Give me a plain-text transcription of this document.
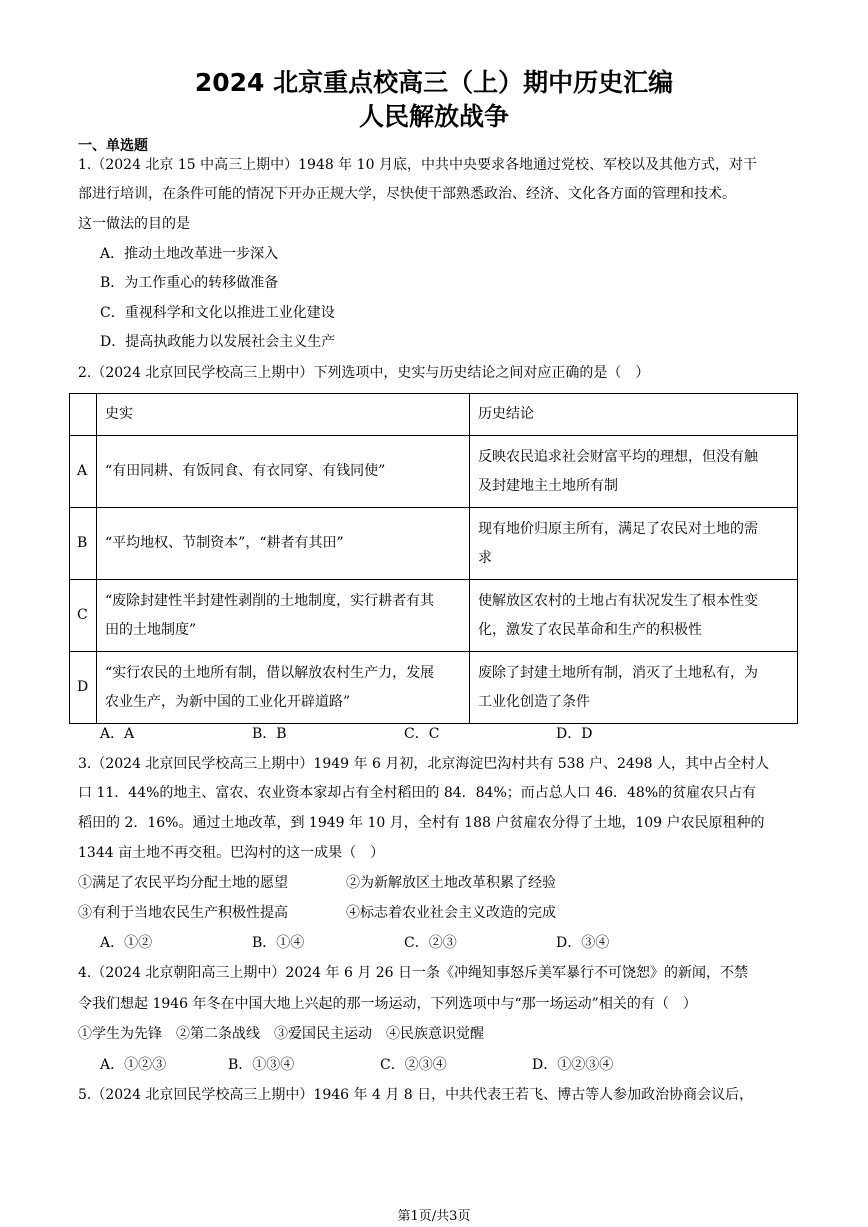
2024 北京重点校高三（上）期中历史汇编
人民解放战争
一、单选题
1.（2024 北京 15 中高三上期中）1948 年 10 月底，中共中央要求各地通过党校、军校以及其他方式，对干
部进行培训，在条件可能的情况下开办正规大学，尽快使干部熟悉政治、经济、文化各方面的管理和技术。
这一做法的目的是
A．推动土地改革进一步深入
B．为工作重心的转移做准备
C．重视科学和文化以推进工业化建设
D．提高执政能力以发展社会主义生产
2.（2024 北京回民学校高三上期中）下列选项中，史实与历史结论之间对应正确的是（　）
	史实	历史结论
A	“有田同耕、有饭同食、有衣同穿、有钱同使”	反映农民追求社会财富平均的理想，但没有触
及封建地主土地所有制
B	“平均地权、节制资本”，“耕者有其田”	现有地价归原主所有，满足了农民对土地的需
求
C	“废除封建性半封建性剥削的土地制度，实行耕者有其
田的土地制度”	使解放区农村的土地占有状况发生了根本性变
化，激发了农民革命和生产的积极性
D	“实行农民的土地所有制，借以解放农村生产力，发展
农业生产，为新中国的工业化开辟道路”	废除了封建土地所有制，消灭了土地私有，为
工业化创造了条件
A．A	B．B	C．C	D．D
3.（2024 北京回民学校高三上期中）1949 年 6 月初，北京海淀巴沟村共有 538 户、2498 人，其中占全村人
口 11．44%的地主、富农、农业资本家却占有全村稻田的 84．84%；而占总人口 46．48%的贫雇农只占有
稻田的 2．16%。通过土地改革，到 1949 年 10 月，全村有 188 户贫雇农分得了土地，109 户农民原租种的
1344 亩土地不再交租。巴沟村的这一成果（　）
①满足了农民平均分配土地的愿望	②为新解放区土地改革积累了经验
③有利于当地农民生产积极性提高	④标志着农业社会主义改造的完成
A．①②	B．①④	C．②③	D．③④
4.（2024 北京朝阳高三上期中）2024 年 6 月 26 日一条《冲绳知事怒斥美军暴行不可饶恕》的新闻，不禁
令我们想起 1946 年冬在中国大地上兴起的那一场运动，下列选项中与“那一场运动”相关的有（　）
①学生为先锋　②第二条战线　③爱国民主运动　④民族意识觉醒
A．①②③	B．①③④	C．②③④	D．①②③④
5.（2024 北京回民学校高三上期中）1946 年 4 月 8 日，中共代表王若飞、博古等人参加政治协商会议后，
第1页/共3页
